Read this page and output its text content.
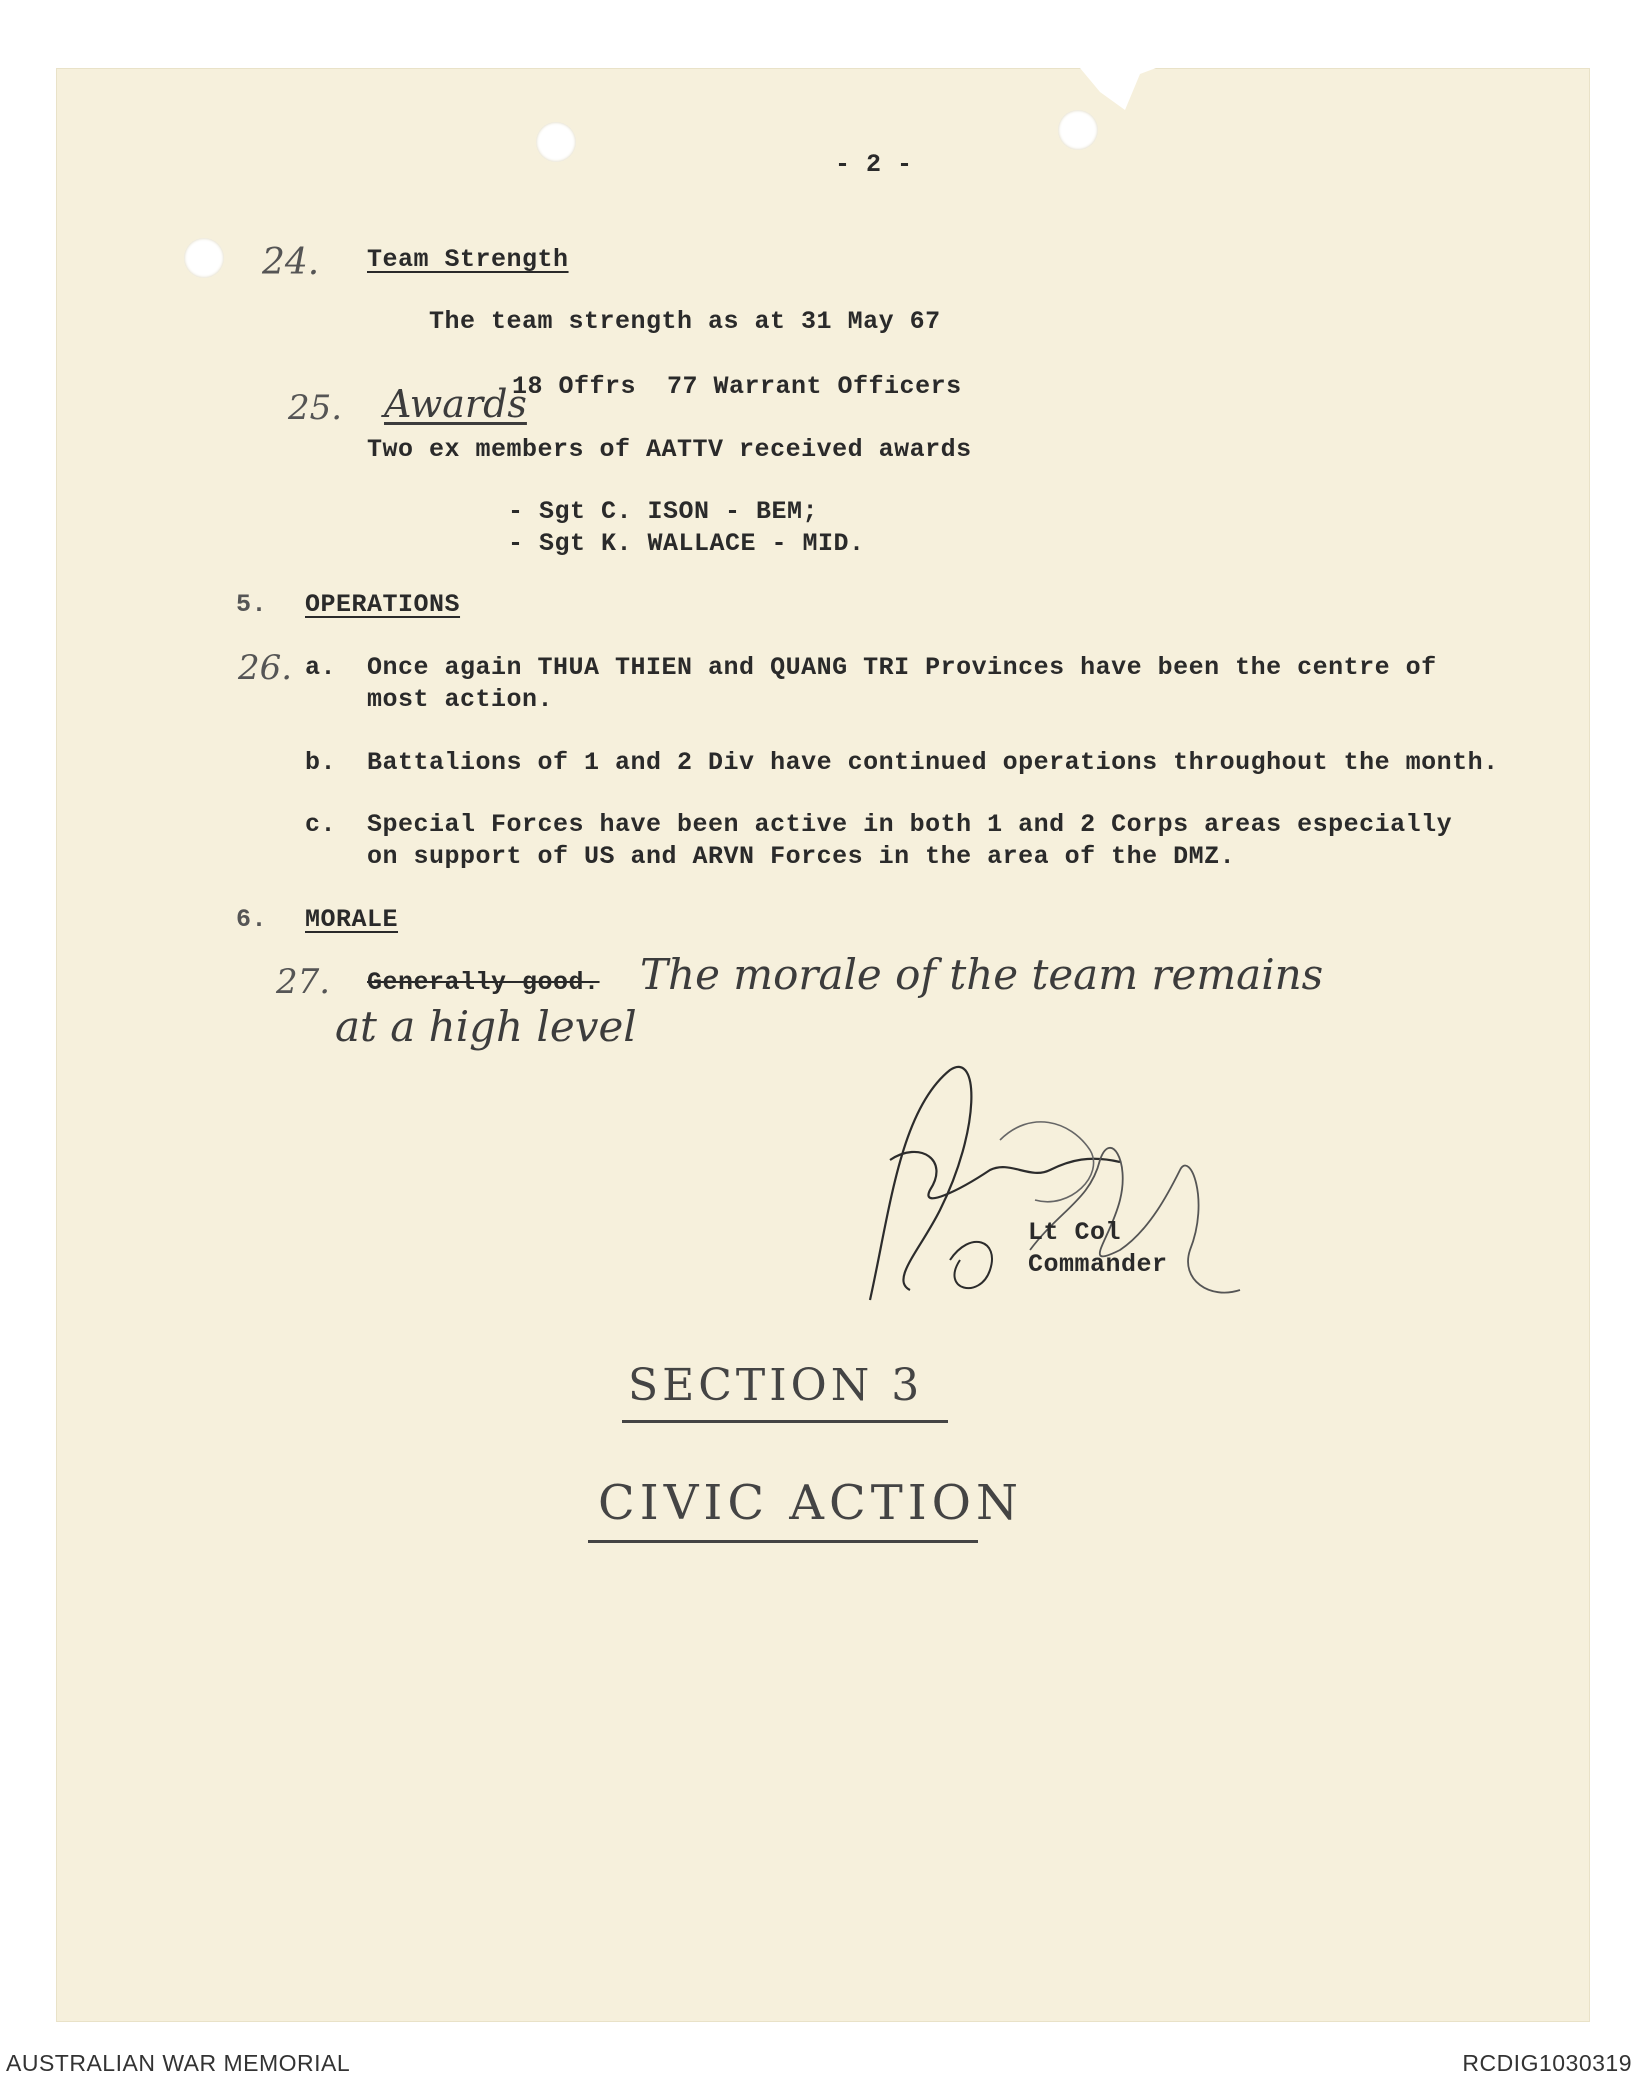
- 2 -
24. Team Strength
The team strength as at 31 May 67
18 Offrs  77 Warrant Officers
25. Awards
Two ex members of AATTV received awards
- Sgt C. ISON - BEM;
- Sgt K. WALLACE - MID.
5. OPERATIONS
26. a. Once again THUA THIEN and QUANG TRI Provinces have been the centre of
most action.
b. Battalions of 1 and 2 Div have continued operations throughout the month.
c. Special Forces have been active in both 1 and 2 Corps areas especially
on support of US and ARVN Forces in the area of the DMZ.
6. MORALE
27. Generally good. The morale of the team remains
at a high level
Lt Col
Commander
SECTION 3
CIVIC ACTION
AUSTRALIAN WAR MEMORIAL	RCDIG1030319
